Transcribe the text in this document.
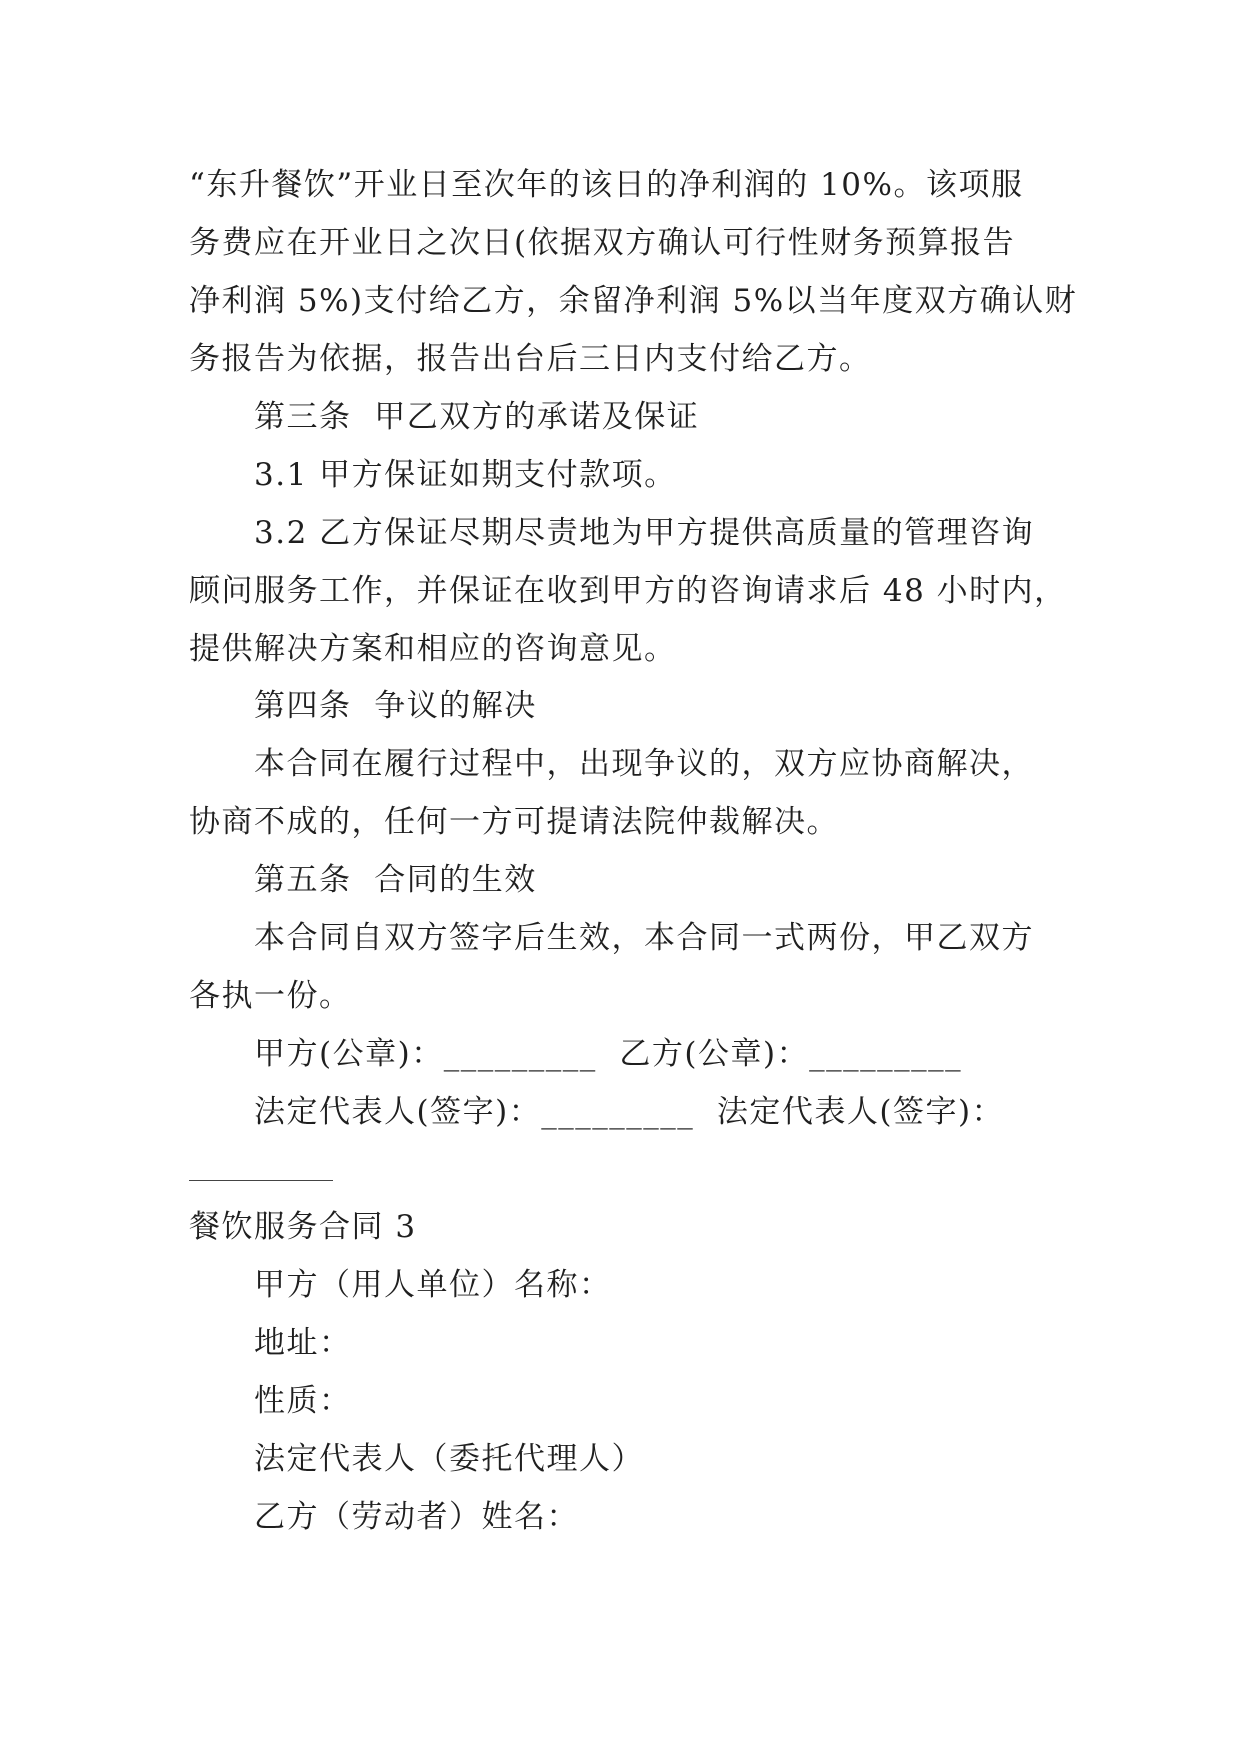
“东升餐饮”开业日至次年的该日的净利润的 10%。该项服
务费应在开业日之次日(依据双方确认可行性财务预算报告
净利润 5%)支付给乙方，余留净利润 5%以当年度双方确认财
务报告为依据，报告出台后三日内支付给乙方。
第三条  甲乙双方的承诺及保证
3.1 甲方保证如期支付款项。
3.2 乙方保证尽期尽责地为甲方提供高质量的管理咨询
顾问服务工作，并保证在收到甲方的咨询请求后 48 小时内，
提供解决方案和相应的咨询意见。
第四条  争议的解决
本合同在履行过程中，出现争议的，双方应协商解决，
协商不成的，任何一方可提请法院仲裁解决。
第五条  合同的生效
本合同自双方签字后生效，本合同一式两份，甲乙双方
各执一份。
甲方(公章)：_________  乙方(公章)：_________
法定代表人(签字)：_________  法定代表人(签字)：
餐饮服务合同 3
甲方（用人单位）名称：
地址：
性质：
法定代表人（委托代理人）
乙方（劳动者）姓名：
